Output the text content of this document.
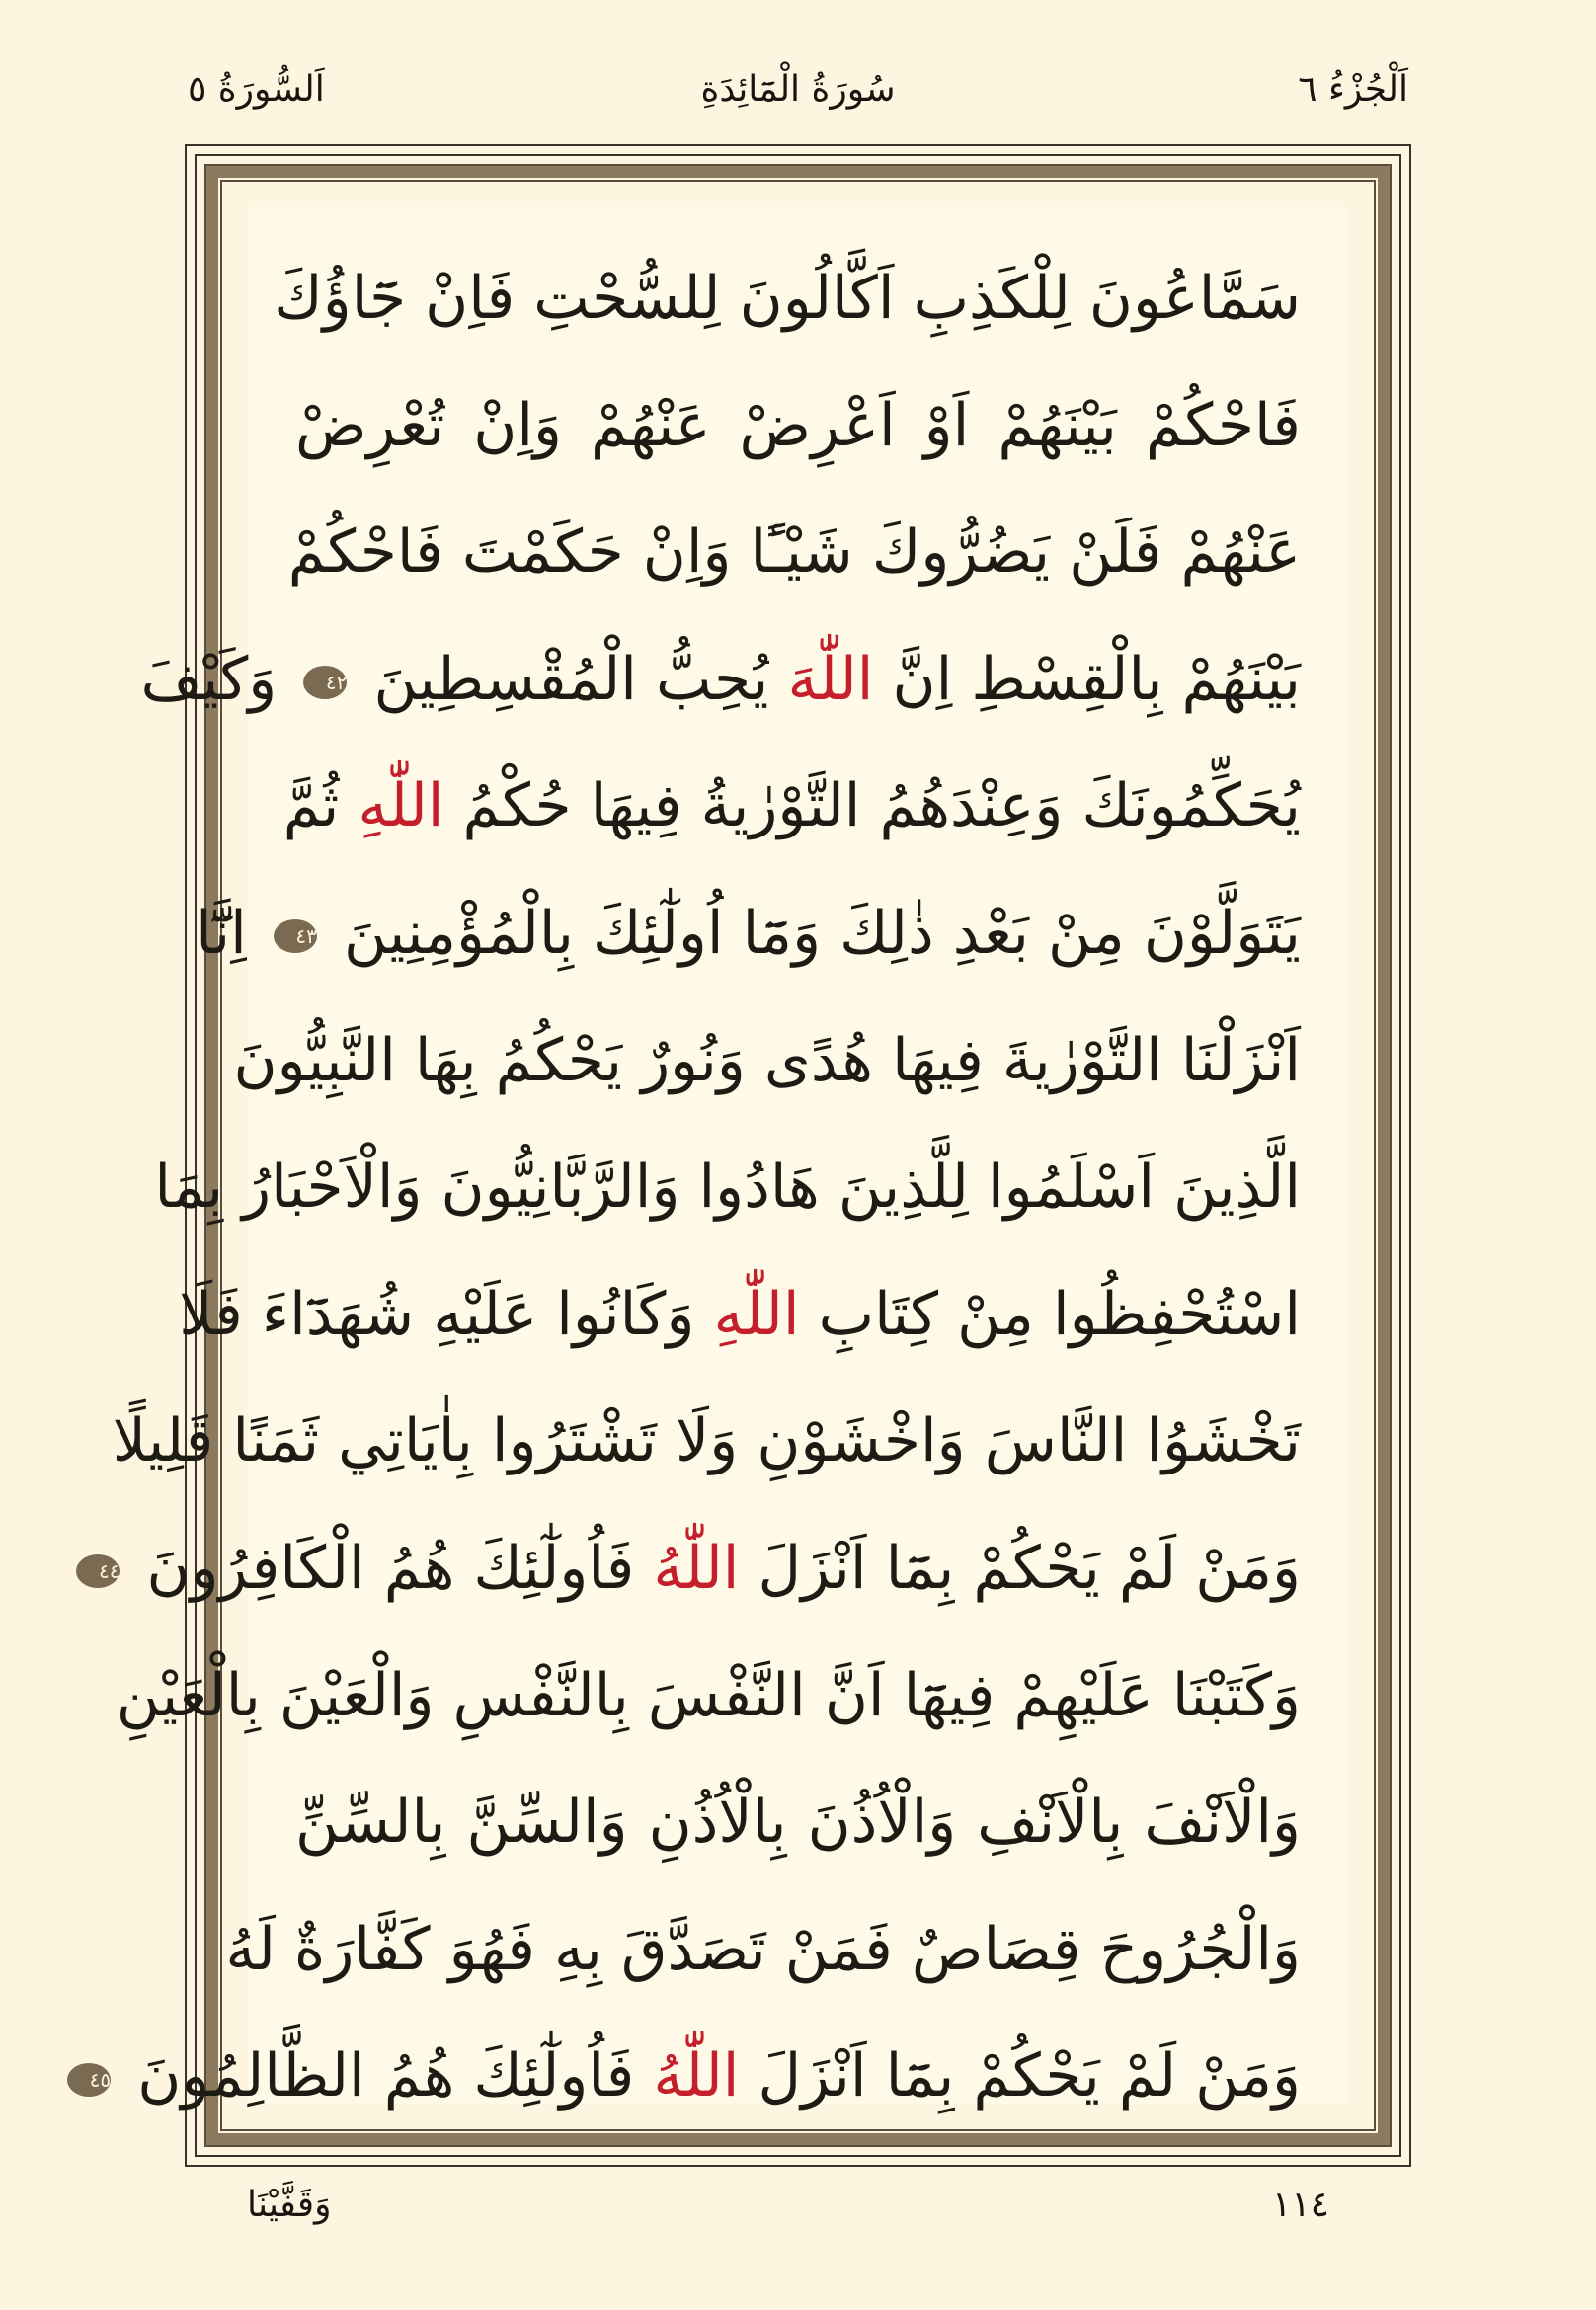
اَلْجُزْءُ ٦
سُورَةُ الْمَٓائِدَةِ
اَلسُّورَةُ ٥
سَمَّاعُونَ لِلْكَذِبِ اَكَّالُونَ لِلسُّحْتِ فَاِنْ جَٓاؤُكَ
فَاحْكُمْ بَيْنَهُمْ اَوْ اَعْرِضْ عَنْهُمْ وَاِنْ تُعْرِضْ
عَنْهُمْ فَلَنْ يَضُرُّوكَ شَيْـًٔا وَاِنْ حَكَمْتَ فَاحْكُمْ
بَيْنَهُمْ بِالْقِسْطِ اِنَّ اللّٰهَ يُحِبُّ الْمُقْسِطِينَ ٤٢ وَكَيْفَ
يُحَكِّمُونَكَ وَعِنْدَهُمُ التَّوْرٰيةُ فِيهَا حُكْمُ اللّٰهِ ثُمَّ
يَتَوَلَّوْنَ مِنْ بَعْدِ ذٰلِكَ وَمَٓا اُولٰٓئِكَ بِالْمُؤْمِنِينَ ٤٣ اِنَّٓا
اَنْزَلْنَا التَّوْرٰيةَ فِيهَا هُدًى وَنُورٌ يَحْكُمُ بِهَا النَّبِيُّونَ
الَّذِينَ اَسْلَمُوا لِلَّذِينَ هَادُوا وَالرَّبَّانِيُّونَ وَالْاَحْبَارُ بِمَا
اسْتُحْفِظُوا مِنْ كِتَابِ اللّٰهِ وَكَانُوا عَلَيْهِ شُهَدَٓاءَ فَلَا
تَخْشَوُا النَّاسَ وَاخْشَوْنِ وَلَا تَشْتَرُوا بِاٰيَاتِي ثَمَنًا قَلِيلًا
وَمَنْ لَمْ يَحْكُمْ بِمَٓا اَنْزَلَ اللّٰهُ فَاُولٰٓئِكَ هُمُ الْكَافِرُونَ ٤٤
وَكَتَبْنَا عَلَيْهِمْ فِيهَٓا اَنَّ النَّفْسَ بِالنَّفْسِ وَالْعَيْنَ بِالْعَيْنِ
وَالْاَنْفَ بِالْاَنْفِ وَالْاُذُنَ بِالْاُذُنِ وَالسِّنَّ بِالسِّنِّ
وَالْجُرُوحَ قِصَاصٌ فَمَنْ تَصَدَّقَ بِهِ فَهُوَ كَفَّارَةٌ لَهُ
وَمَنْ لَمْ يَحْكُمْ بِمَٓا اَنْزَلَ اللّٰهُ فَاُولٰٓئِكَ هُمُ الظَّالِمُونَ ٤٥
١١٤
وَقَفَّيْنَا
